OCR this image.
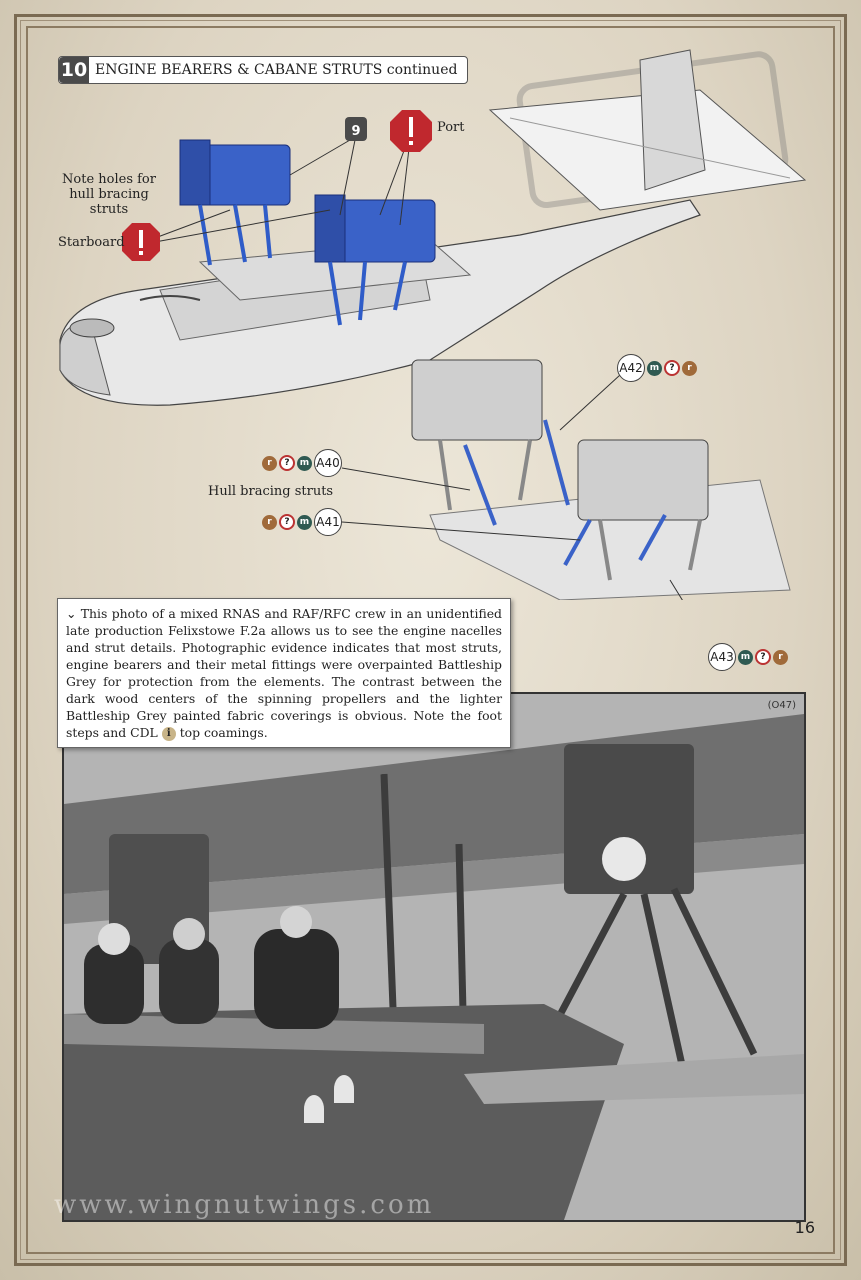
10 ENGINE BEARERS & CABANE STRUTS continued
Note holes for hull bracing struts
Starboard
Port
Hull bracing struts
9
A42 m	?	r
r	?	m A40
r	?	m A41
A43 m	?	r
(O47)
⌄ This photo of a mixed RNAS and RAF/RFC crew in an unidentified late production Felixstowe F.2a allows us to see the engine nacelles and strut details. Photographic evidence indicates that most struts, engine bearers and their metal fittings were overpainted Battleship Grey for protection from the elements. The contrast between the dark wood centers of the spinning propellers and the lighter Battleship Grey painted fabric coverings is obvious. Note the foot steps and CDL i top coamings.
www.wingnutwings.com
16
